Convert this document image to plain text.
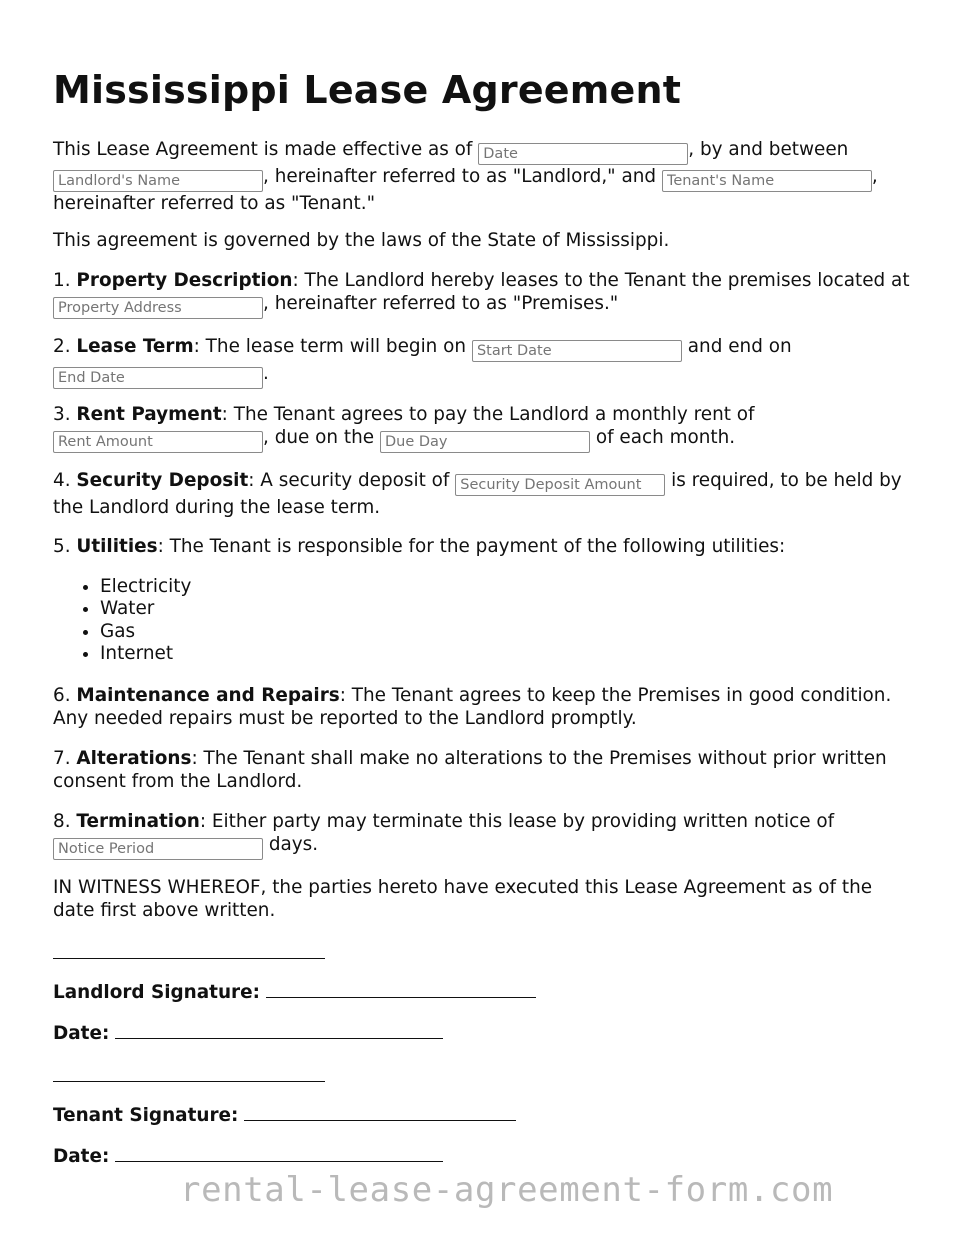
Mississippi Lease Agreement
This Lease Agreement is made effective as of Date	, by and between
Landlord's Name, hereinafter referred to as "Landlord," and Tenant's Name	,
hereinafter referred to as "Tenant."
This agreement is governed by the laws of the State of Mississippi.
1. Property Description: The Landlord hereby leases to the Tenant the premises located at Property Address, hereinafter referred to as "Premises."
2. Lease Term: The lease term will begin on Start Date	and end on
End Date.
3. Rent Payment: The Tenant agrees to pay the Landlord a monthly rent of
Rent Amount, due on the Due Day	of each month.
4. Security Deposit: A security deposit of Security Deposit Amount	is required, to be held by the Landlord during the lease term.
5. Utilities: The Tenant is responsible for the payment of the following utilities:
• Electricity
• Water
• Gas
• Internet
6. Maintenance and Repairs: The Tenant agrees to keep the Premises in good condition. Any needed repairs must be reported to the Landlord promptly.
7. Alterations: The Tenant shall make no alterations to the Premises without prior written consent from the Landlord.
8. Termination: Either party may terminate this lease by providing written notice of
Notice Period days.
IN WITNESS WHEREOF, the parties hereto have executed this Lease Agreement as of the date first above written.
Landlord Signature:
Date:
Tenant Signature:
Date:
rental-lease-agreement-form.com
